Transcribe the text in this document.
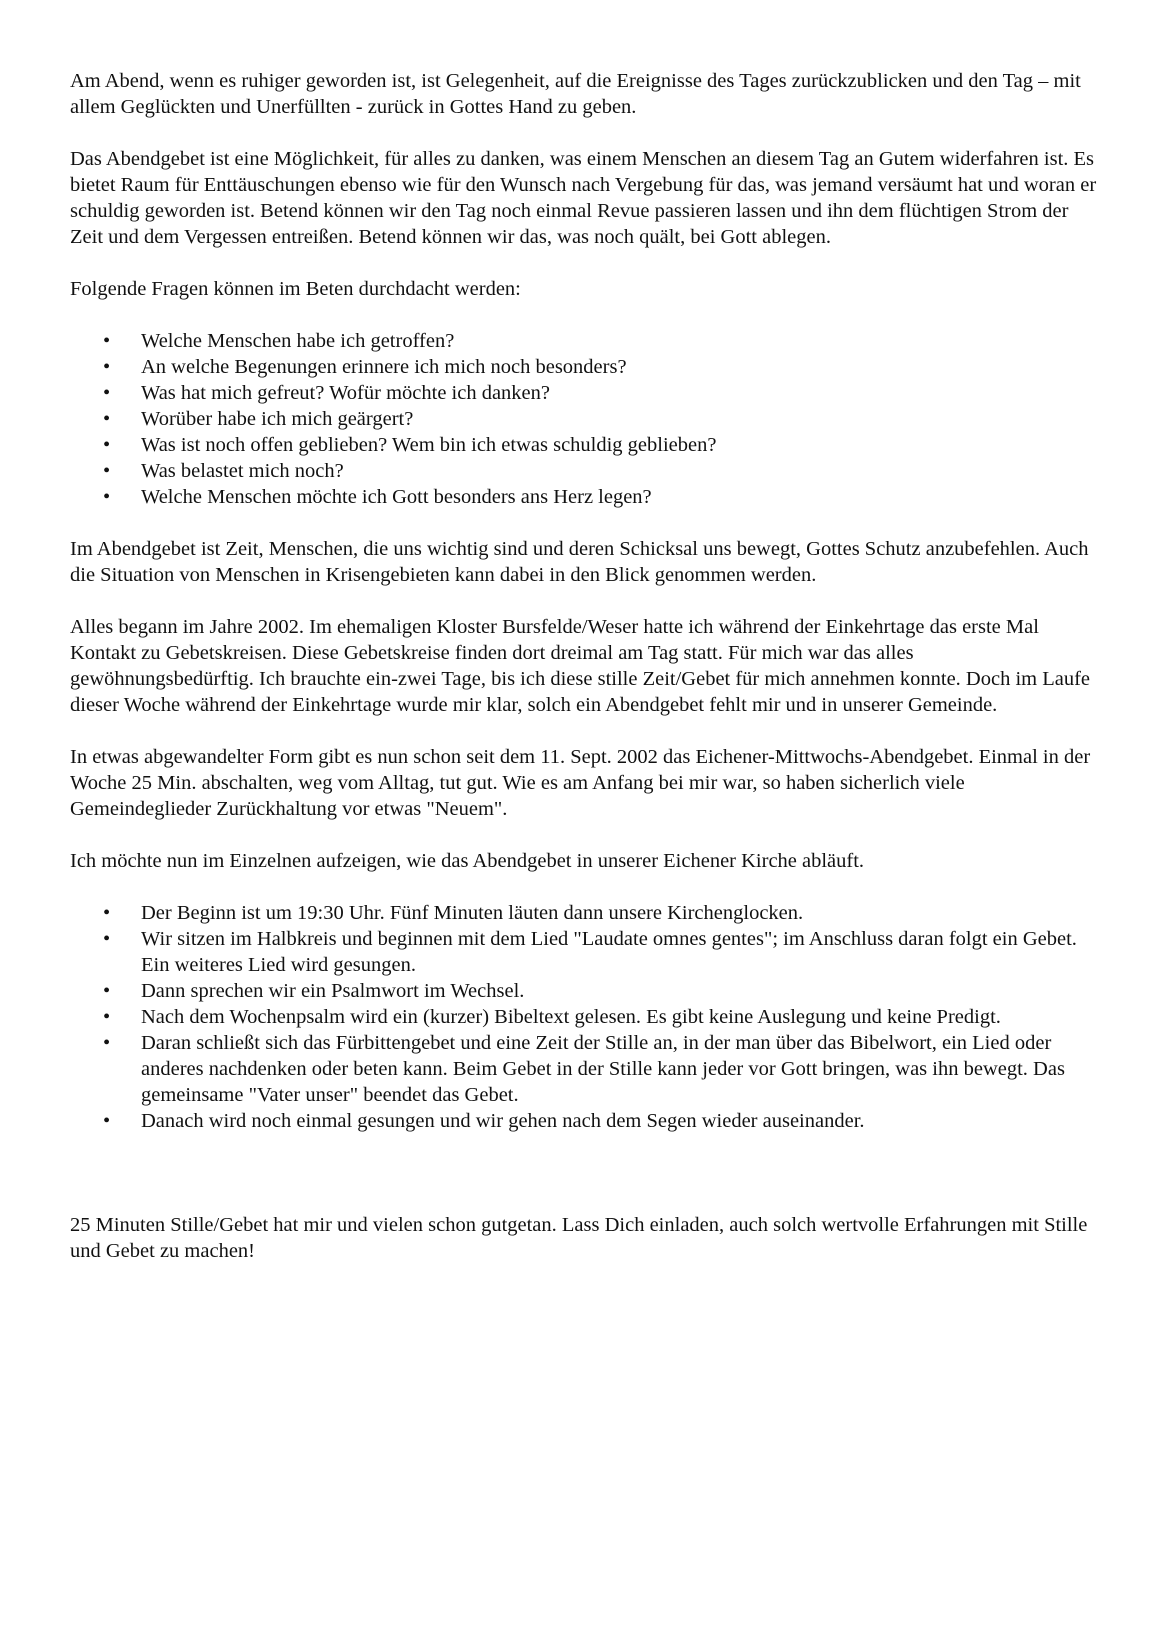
Am Abend, wenn es ruhiger geworden ist, ist Gelegenheit, auf die Ereignisse des Tages zurückzublicken und den Tag – mit allem Geglückten und Unerfüllten - zurück in Gottes Hand zu geben.

Das Abendgebet ist eine Möglichkeit, für alles zu danken, was einem Menschen an diesem Tag an Gutem widerfahren ist. Es bietet Raum für Enttäuschungen ebenso wie für den Wunsch nach Vergebung für das, was jemand versäumt hat und woran er schuldig geworden ist. Betend können wir den Tag noch einmal Revue passieren lassen und ihn dem flüchtigen Strom der Zeit und dem Vergessen entreißen. Betend können wir das, was noch quält, bei Gott ablegen.

Folgende Fragen können im Beten durchdacht werden:

• Welche Menschen habe ich getroffen?
• An welche Begenungen erinnere ich mich noch besonders?
• Was hat mich gefreut? Wofür möchte ich danken?
• Worüber habe ich mich geärgert?
• Was ist noch offen geblieben? Wem bin ich etwas schuldig geblieben?
• Was belastet mich noch?
• Welche Menschen möchte ich Gott besonders ans Herz legen?

Im Abendgebet ist Zeit, Menschen, die uns wichtig sind und deren Schicksal uns bewegt, Gottes Schutz anzubefehlen. Auch die Situation von Menschen in Krisengebieten kann dabei in den Blick genommen werden.

Alles begann im Jahre 2002. Im ehemaligen Kloster Bursfelde/Weser hatte ich während der Einkehrtage das erste Mal Kontakt zu Gebetskreisen. Diese Gebetskreise finden dort dreimal am Tag statt. Für mich war das alles gewöhnungsbedürftig. Ich brauchte ein-zwei Tage, bis ich diese stille Zeit/Gebet für mich annehmen konnte. Doch im Laufe dieser Woche während der Einkehrtage wurde mir klar, solch ein Abendgebet fehlt mir und in unserer Gemeinde.

In etwas abgewandelter Form gibt es nun schon seit dem 11. Sept. 2002 das Eichener-Mittwochs-Abendgebet. Einmal in der Woche 25 Min. abschalten, weg vom Alltag, tut gut. Wie es am Anfang bei mir war, so haben sicherlich viele Gemeindeglieder Zurückhaltung vor etwas "Neuem".

Ich möchte nun im Einzelnen aufzeigen, wie das Abendgebet in unserer Eichener Kirche abläuft.

• Der Beginn ist um 19:30 Uhr. Fünf Minuten läuten dann unsere Kirchenglocken.
• Wir sitzen im Halbkreis und beginnen mit dem Lied "Laudate omnes gentes"; im Anschluss daran folgt ein Gebet. Ein weiteres Lied wird gesungen.
• Dann sprechen wir ein Psalmwort im Wechsel.
• Nach dem Wochenpsalm wird ein (kurzer) Bibeltext gelesen. Es gibt keine Auslegung und keine Predigt.
• Daran schließt sich das Fürbittengebet und eine Zeit der Stille an, in der man über das Bibelwort, ein Lied oder anderes nachdenken oder beten kann. Beim Gebet in der Stille kann jeder vor Gott bringen, was ihn bewegt. Das gemeinsame "Vater unser" beendet das Gebet.
• Danach wird noch einmal gesungen und wir gehen nach dem Segen wieder auseinander.

25 Minuten Stille/Gebet hat mir und vielen schon gutgetan. Lass Dich einladen, auch solch wertvolle Erfahrungen mit Stille und Gebet zu machen!
